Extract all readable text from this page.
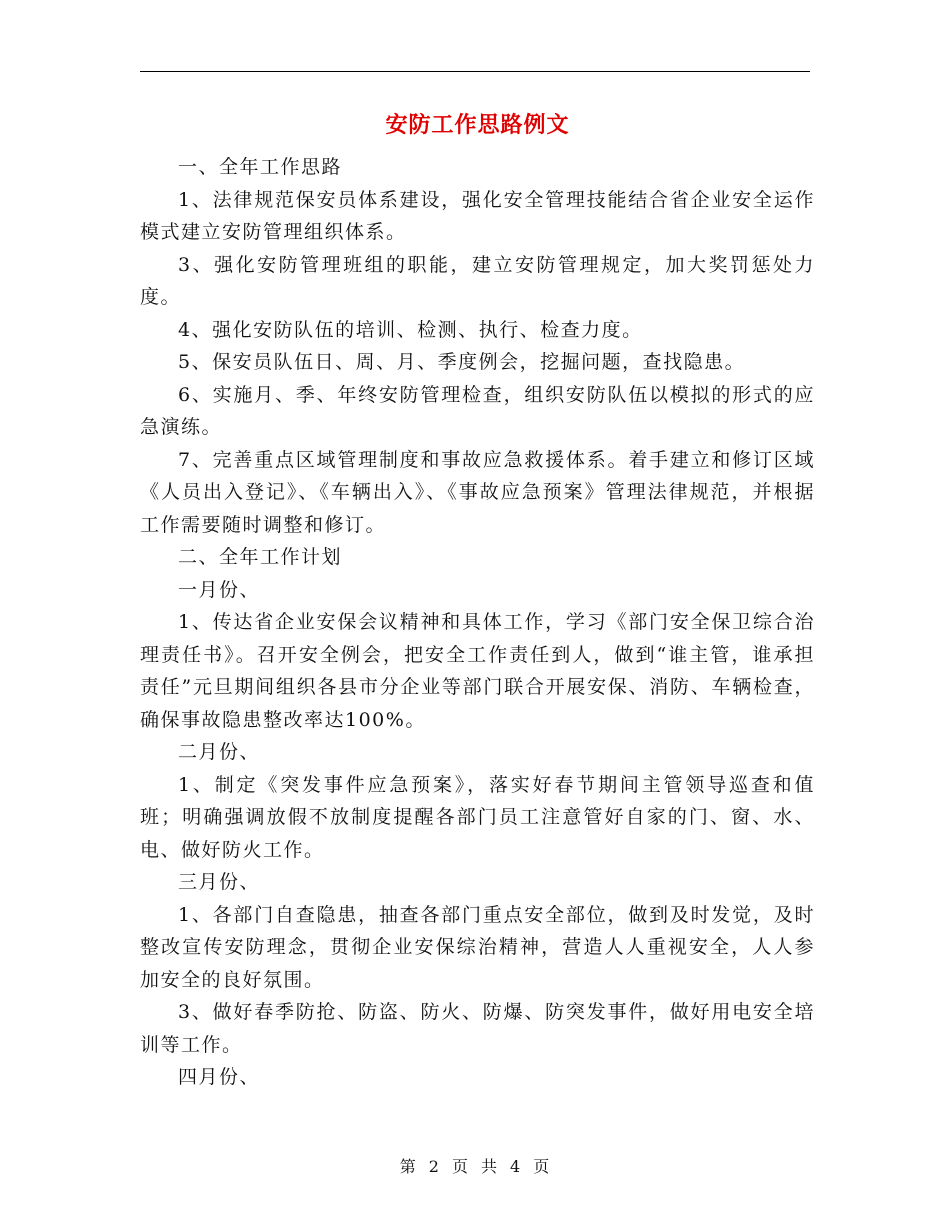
安防工作思路例文

一、全年工作思路

1、法律规范保安员体系建设，强化安全管理技能结合省企业安全运作模式建立安防管理组织体系。

3、强化安防管理班组的职能，建立安防管理规定，加大奖罚惩处力度。

4、强化安防队伍的培训、检测、执行、检查力度。

5、保安员队伍日、周、月、季度例会，挖掘问题，查找隐患。

6、实施月、季、年终安防管理检查，组织安防队伍以模拟的形式的应急演练。

7、完善重点区域管理制度和事故应急救援体系。着手建立和修订区域《人员出入登记》、《车辆出入》、《事故应急预案》管理法律规范，并根据工作需要随时调整和修订。

二、全年工作计划

一月份、

1、传达省企业安保会议精神和具体工作，学习《部门安全保卫综合治理责任书》。召开安全例会，把安全工作责任到人，做到“谁主管，谁承担责任”元旦期间组织各县市分企业等部门联合开展安保、消防、车辆检查，确保事故隐患整改率达100%。

二月份、

1、制定《突发事件应急预案》，落实好春节期间主管领导巡查和值班；明确强调放假不放制度提醒各部门员工注意管好自家的门、窗、水、电、做好防火工作。

三月份、

1、各部门自查隐患，抽查各部门重点安全部位，做到及时发觉，及时整改宣传安防理念，贯彻企业安保综治精神，营造人人重视安全，人人参加安全的良好氛围。

3、做好春季防抢、防盗、防火、防爆、防突发事件，做好用电安全培训等工作。

四月份、

第 2 页 共 4 页
